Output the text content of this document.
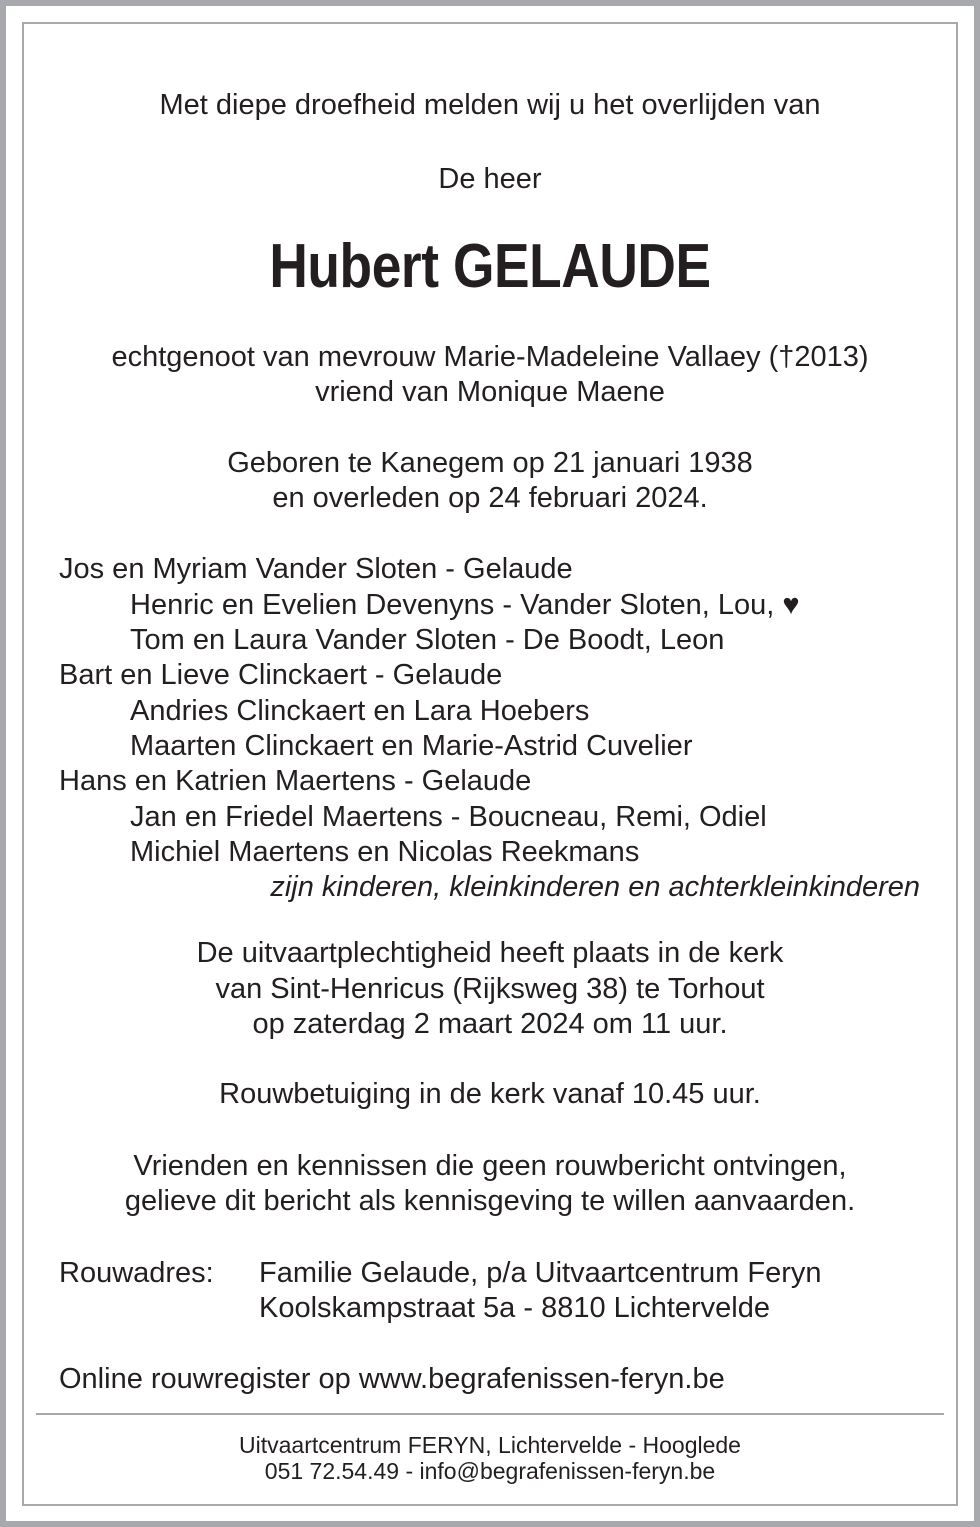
Met diepe droefheid melden wij u het overlijden van
De heer
Hubert GELAUDE
echtgenoot van mevrouw Marie-Madeleine Vallaey (†2013)
vriend van Monique Maene
Geboren te Kanegem op 21 januari 1938
en overleden op 24 februari 2024.
Jos en Myriam Vander Sloten - Gelaude
Henric en Evelien Devenyns - Vander Sloten, Lou, ♥
Tom en Laura Vander Sloten - De Boodt, Leon
Bart en Lieve Clinckaert - Gelaude
Andries Clinckaert en Lara Hoebers
Maarten Clinckaert en Marie-Astrid Cuvelier
Hans en Katrien Maertens - Gelaude
Jan en Friedel Maertens - Boucneau, Remi, Odiel
Michiel Maertens en Nicolas Reekmans
zijn kinderen, kleinkinderen en achterkleinkinderen
De uitvaartplechtigheid heeft plaats in de kerk
van Sint-Henricus (Rijksweg 38) te Torhout
op zaterdag 2 maart 2024 om 11 uur.
Rouwbetuiging in de kerk vanaf 10.45 uur.
Vrienden en kennissen die geen rouwbericht ontvingen,
gelieve dit bericht als kennisgeving te willen aanvaarden.
Rouwadres: Familie Gelaude, p/a Uitvaartcentrum Feryn
Koolskampstraat 5a - 8810 Lichtervelde
Online rouwregister op www.begrafenissen-feryn.be
Uitvaartcentrum FERYN, Lichtervelde - Hooglede
051 72.54.49 - info@begrafenissen-feryn.be
